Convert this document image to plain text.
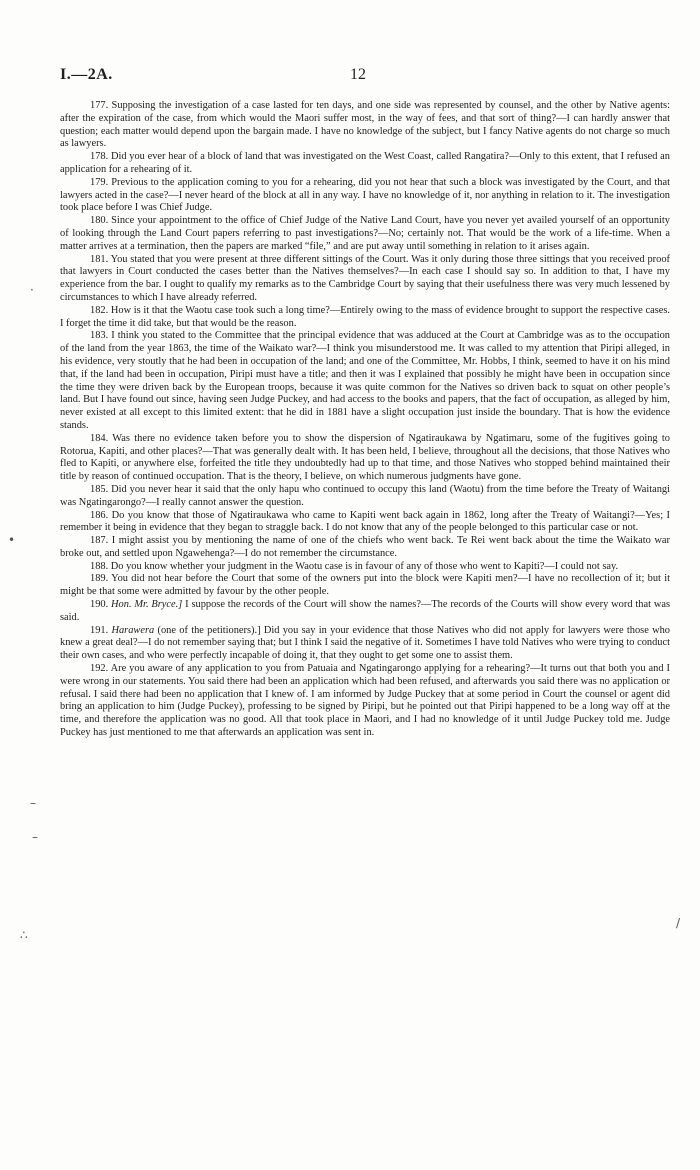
I.—2A.	12

177. Supposing the investigation of a case lasted for ten days, and one side was represented by counsel, and the other by Native agents: after the expiration of the case, from which would the Maori suffer most, in the way of fees, and that sort of thing?—I can hardly answer that question; each matter would depend upon the bargain made. I have no knowledge of the subject, but I fancy Native agents do not charge so much as lawyers.

178. Did you ever hear of a block of land that was investigated on the West Coast, called Rangatira?—Only to this extent, that I refused an application for a rehearing of it.

179. Previous to the application coming to you for a rehearing, did you not hear that such a block was investigated by the Court, and that lawyers acted in the case?—I never heard of the block at all in any way. I have no knowledge of it, nor anything in relation to it. The investigation took place before I was Chief Judge.

180. Since your appointment to the office of Chief Judge of the Native Land Court, have you never yet availed yourself of an opportunity of looking through the Land Court papers referring to past investigations?—No; certainly not. That would be the work of a life-time. When a matter arrives at a termination, then the papers are marked “file,” and are put away until something in relation to it arises again.

181. You stated that you were present at three different sittings of the Court. Was it only during those three sittings that you received proof that lawyers in Court conducted the cases better than the Natives themselves?—In each case I should say so. In addition to that, I have my experience from the bar. I ought to qualify my remarks as to the Cambridge Court by saying that their usefulness there was very much lessened by circumstances to which I have already referred.

182. How is it that the Waotu case took such a long time?—Entirely owing to the mass of evidence brought to support the respective cases. I forget the time it did take, but that would be the reason.

183. I think you stated to the Committee that the principal evidence that was adduced at the Court at Cambridge was as to the occupation of the land from the year 1863, the time of the Waikato war?—I think you misunderstood me. It was called to my attention that Piripi alleged, in his evidence, very stoutly that he had been in occupation of the land; and one of the Committee, Mr. Hobbs, I think, seemed to have it on his mind that, if the land had been in occupation, Piripi must have a title; and then it was I explained that possibly he might have been in occupation since the time they were driven back by the European troops, because it was quite common for the Natives so driven back to squat on other people’s land. But I have found out since, having seen Judge Puckey, and had access to the books and papers, that the fact of occupation, as alleged by him, never existed at all except to this limited extent: that he did in 1881 have a slight occupation just inside the boundary. That is how the evidence stands.

184. Was there no evidence taken before you to show the dispersion of Ngatiraukawa by Ngatimaru, some of the fugitives going to Rotorua, Kapiti, and other places?—That was generally dealt with. It has been held, I believe, throughout all the decisions, that those Natives who fled to Kapiti, or anywhere else, forfeited the title they undoubtedly had up to that time, and those Natives who stopped behind maintained their title by reason of continued occupation. That is the theory, I believe, on which numerous judgments have gone.

185. Did you never hear it said that the only hapu who continued to occupy this land (Waotu) from the time before the Treaty of Waitangi was Ngatingarongo?—I really cannot answer the question.

186. Do you know that those of Ngatiraukawa who came to Kapiti went back again in 1862, long after the Treaty of Waitangi?—Yes; I remember it being in evidence that they began to straggle back. I do not know that any of the people belonged to this particular case or not.

187. I might assist you by mentioning the name of one of the chiefs who went back. Te Rei went back about the time the Waikato war broke out, and settled upon Ngawehenga?—I do not remember the circumstance.

188. Do you know whether your judgment in the Waotu case is in favour of any of those who went to Kapiti?—I could not say.

189. You did not hear before the Court that some of the owners put into the block were Kapiti men?—I have no recollection of it; but it might be that some were admitted by favour by the other people.

190. Hon. Mr. Bryce.] I suppose the records of the Court will show the names?—The records of the Courts will show every word that was said.

191. Harawera (one of the petitioners).] Did you say in your evidence that those Natives who did not apply for lawyers were those who knew a great deal?—I do not remember saying that; but I think I said the negative of it. Sometimes I have told Natives who were trying to conduct their own cases, and who were perfectly incapable of doing it, that they ought to get some one to assist them.

192. Are you aware of any application to you from Patuaia and Ngatingarongo applying for a rehearing?—It turns out that both you and I were wrong in our statements. You said there had been an application which had been refused, and afterwards you said there was no application or refusal. I said there had been no application that I knew of. I am informed by Judge Puckey that at some period in Court the counsel or agent did bring an application to him (Judge Puckey), professing to be signed by Piripi, but he pointed out that Piripi happened to be a long way off at the time, and therefore the application was no good. All that took place in Maori, and I had no knowledge of it until Judge Puckey told me. Judge Puckey has just mentioned to me that afterwards an application was sent in.

·
•
–
–
∴
/
